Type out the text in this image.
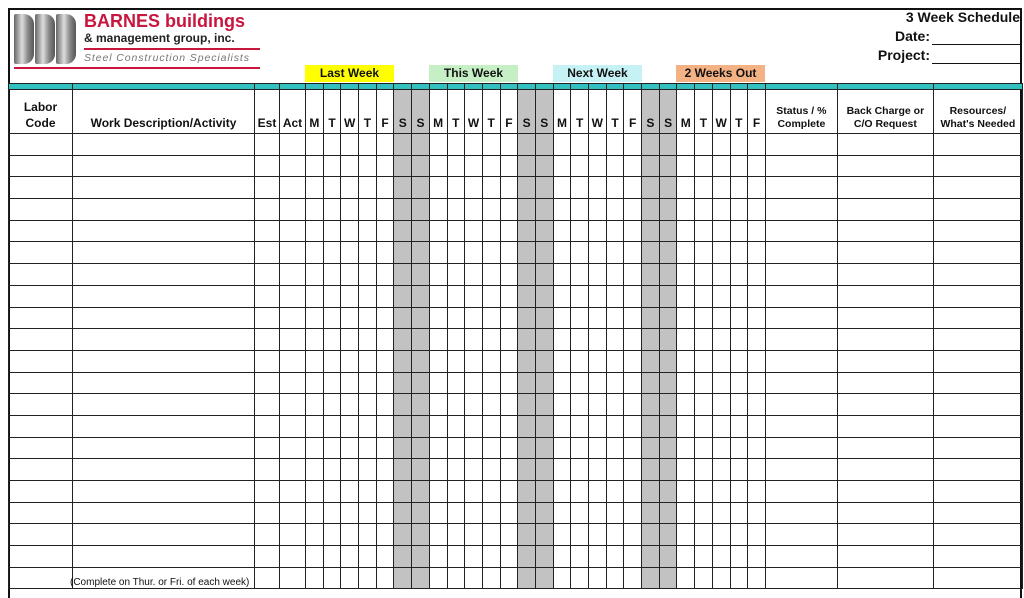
BARNES buildings
& management group, inc.
Steel Construction Specialists
3 Week Schedule
Date:
Project:
Last Week	This Week	Next Week	2 Weeks Out

Labor Code	Work Description/Activity	Est	Act	M	T	W	T	F	S	S	M	T	W	T	F	S	S	M	T	W	T	F	S	S	M	T	W	T	F	Status / % Complete	Back Charge or C/O Request	Resources/ What's Needed

(Complete on Thur. or Fri. of each week)
